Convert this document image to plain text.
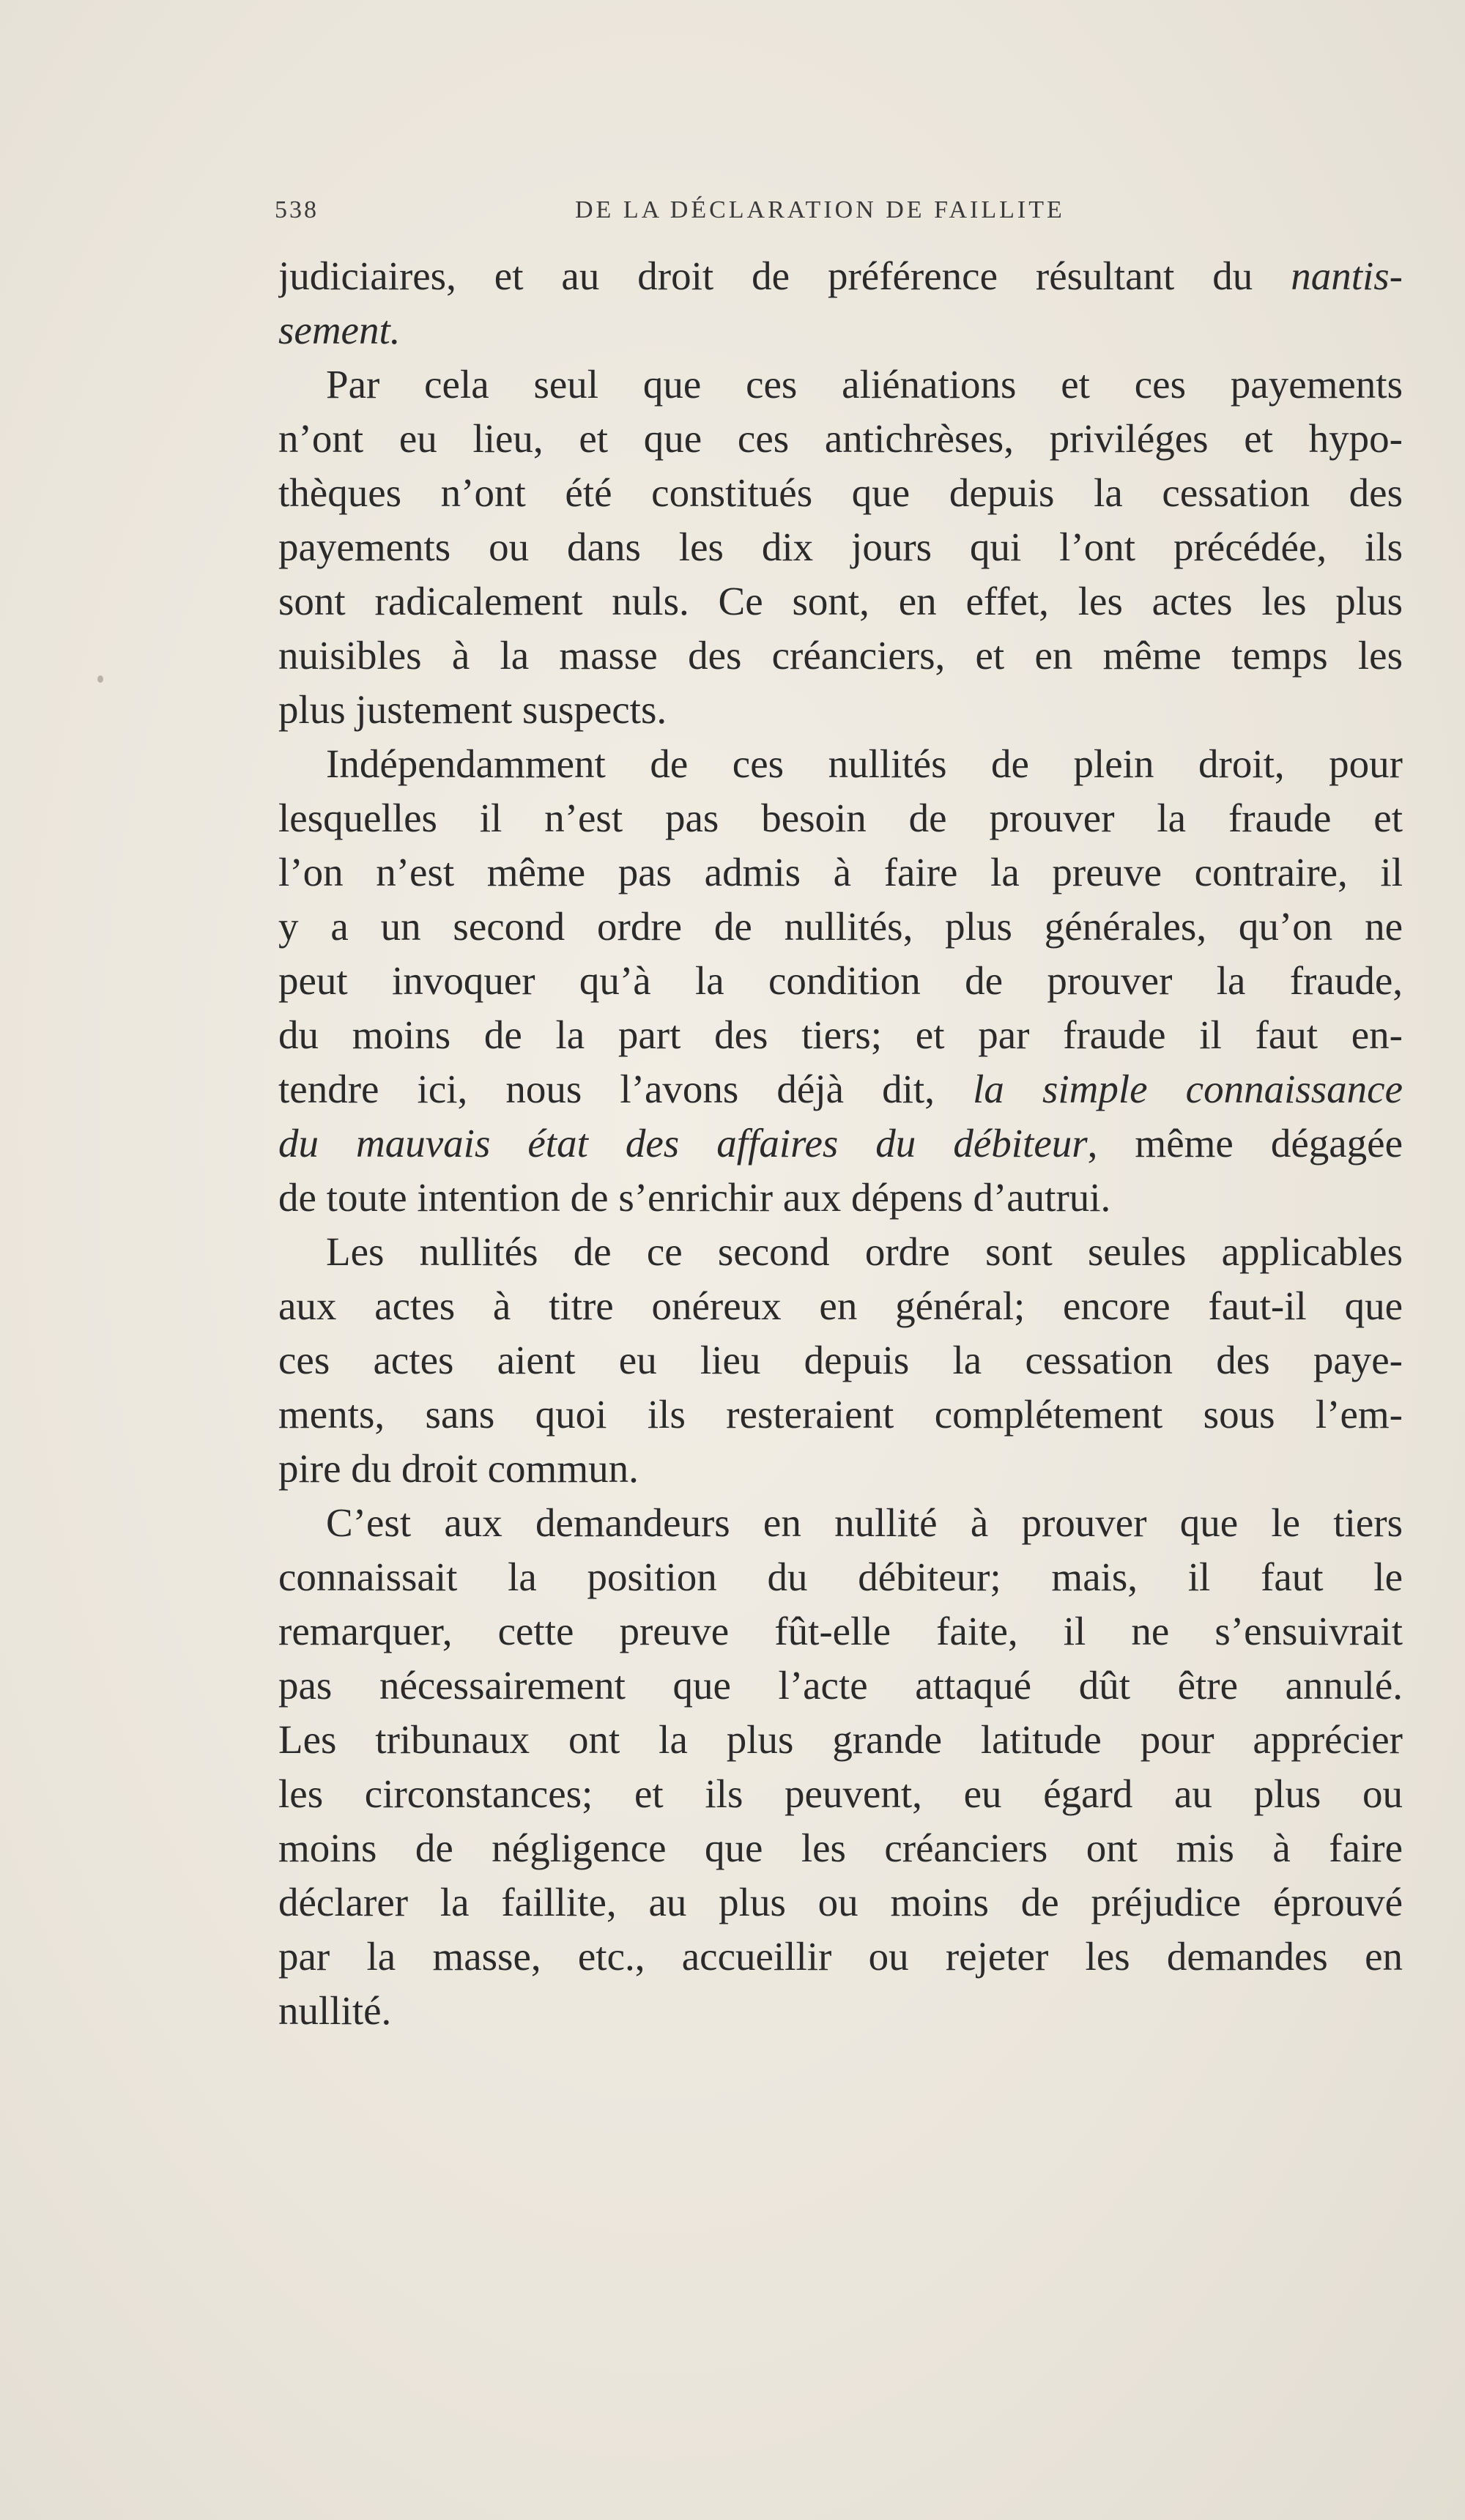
538	DE LA DÉCLARATION DE FAILLITE
judiciaires, et au droit de préférence résultant du nantis-
sement.
Par cela seul que ces aliénations et ces payements
n’ont eu lieu, et que ces antichrèses, priviléges et hypo-
thèques n’ont été constitués que depuis la cessation des
payements ou dans les dix jours qui l’ont précédée, ils
sont radicalement nuls. Ce sont, en effet, les actes les plus
nuisibles à la masse des créanciers, et en même temps les
plus justement suspects.
Indépendamment de ces nullités de plein droit, pour
lesquelles il n’est pas besoin de prouver la fraude et
l’on n’est même pas admis à faire la preuve contraire, il
y a un second ordre de nullités, plus générales, qu’on ne
peut invoquer qu’à la condition de prouver la fraude,
du moins de la part des tiers; et par fraude il faut en-
tendre ici, nous l’avons déjà dit, la simple connaissance
du mauvais état des affaires du débiteur, même dégagée
de toute intention de s’enrichir aux dépens d’autrui.
Les nullités de ce second ordre sont seules applicables
aux actes à titre onéreux en général; encore faut-il que
ces actes aient eu lieu depuis la cessation des paye-
ments, sans quoi ils resteraient complétement sous l’em-
pire du droit commun.
C’est aux demandeurs en nullité à prouver que le tiers
connaissait la position du débiteur; mais, il faut le
remarquer, cette preuve fût-elle faite, il ne s’ensuivrait
pas nécessairement que l’acte attaqué dût être annulé.
Les tribunaux ont la plus grande latitude pour apprécier
les circonstances; et ils peuvent, eu égard au plus ou
moins de négligence que les créanciers ont mis à faire
déclarer la faillite, au plus ou moins de préjudice éprouvé
par la masse, etc., accueillir ou rejeter les demandes en
nullité.
